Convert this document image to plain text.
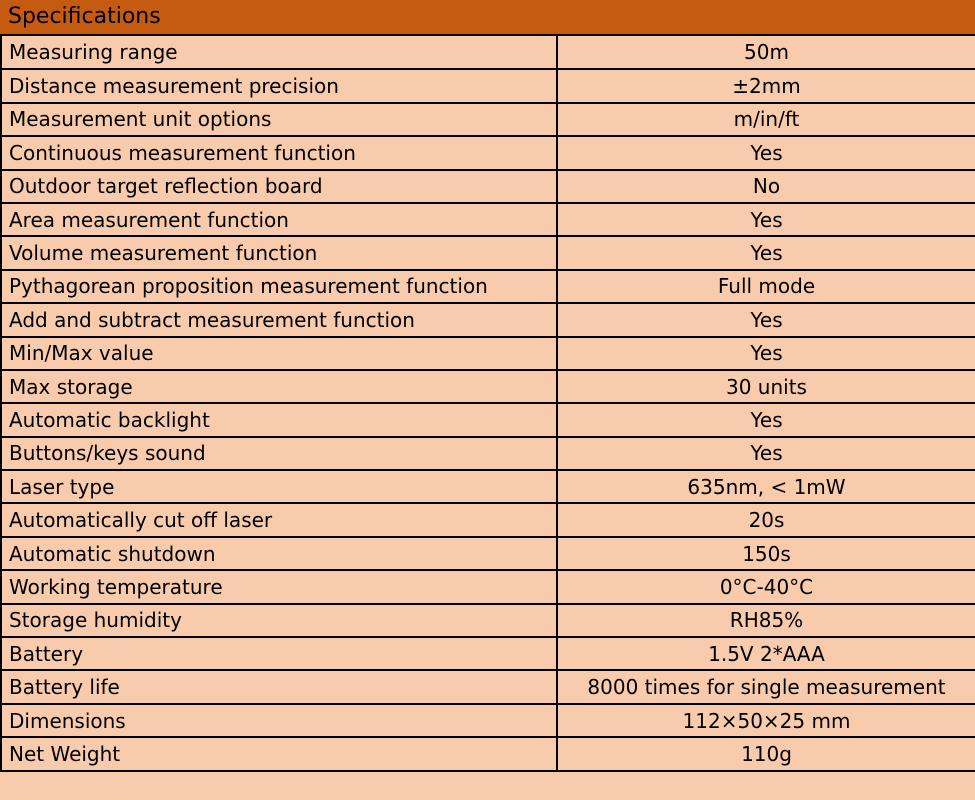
Specifications
Measuring range	50m
Distance measurement precision	±2mm
Measurement unit options	m/in/ft
Continuous measurement function	Yes
Outdoor target reflection board	No
Area measurement function	Yes
Volume measurement function	Yes
Pythagorean proposition measurement function	Full mode
Add and subtract measurement function	Yes
Min/Max value	Yes
Max storage	30 units
Automatic backlight	Yes
Buttons/keys sound	Yes
Laser type	635nm, < 1mW
Automatically cut off laser	20s
Automatic shutdown	150s
Working temperature	0°C-40°C
Storage humidity	RH85%
Battery	1.5V 2*AAA
Battery life	8000 times for single measurement
Dimensions	112×50×25 mm
Net Weight	110g
